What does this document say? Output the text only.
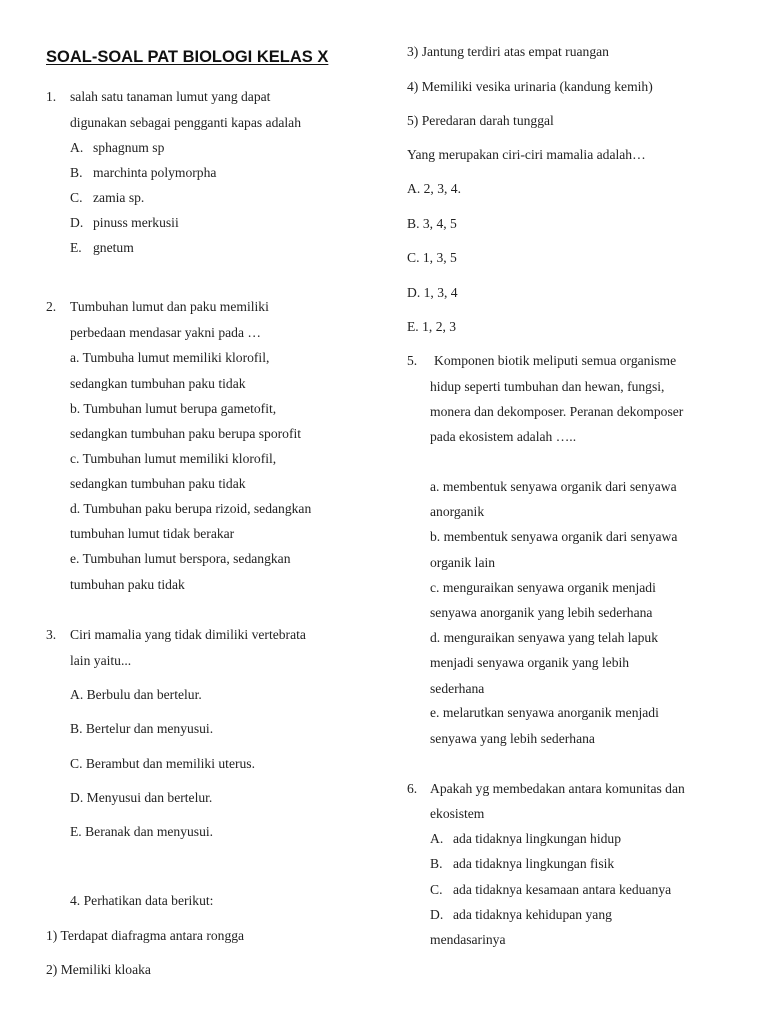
SOAL-SOAL PAT BIOLOGI KELAS X
1. salah satu tanaman lumut yang dapat
digunakan sebagai pengganti kapas adalah
A. sphagnum sp
B. marchinta polymorpha
C. zamia sp.
D. pinuss merkusii
E. gnetum
2. Tumbuhan lumut dan paku memiliki
perbedaan mendasar yakni pada …
a. Tumbuha lumut memiliki klorofil,
sedangkan tumbuhan paku tidak
b. Tumbuhan lumut berupa gametofit,
sedangkan tumbuhan paku berupa sporofit
c. Tumbuhan lumut memiliki klorofil,
sedangkan tumbuhan paku tidak
d. Tumbuhan paku berupa rizoid, sedangkan
tumbuhan lumut tidak berakar
e. Tumbuhan lumut berspora, sedangkan
tumbuhan paku tidak
3. Ciri mamalia yang tidak dimiliki vertebrata
lain yaitu...
A. Berbulu dan bertelur.
B. Bertelur dan menyusui.
C. Berambut dan memiliki uterus.
D. Menyusui dan bertelur.
E. Beranak dan menyusui.
4. Perhatikan data berikut:
1) Terdapat diafragma antara rongga
2) Memiliki kloaka
3) Jantung terdiri atas empat ruangan
4) Memiliki vesika urinaria (kandung kemih)
5) Peredaran darah tunggal
Yang merupakan ciri-ciri mamalia adalah…
A. 2, 3, 4.
B. 3, 4, 5
C. 1, 3, 5
D. 1, 3, 4
E. 1, 2, 3
5. Komponen biotik meliputi semua organisme
hidup seperti tumbuhan dan hewan, fungsi,
monera dan dekomposer. Peranan dekomposer
pada ekosistem adalah …..
a. membentuk senyawa organik dari senyawa
anorganik
b. membentuk senyawa organik dari senyawa
organik lain
c. menguraikan senyawa organik menjadi
senyawa anorganik yang lebih sederhana
d. menguraikan senyawa yang telah lapuk
menjadi senyawa organik yang lebih
sederhana
e. melarutkan senyawa anorganik menjadi
senyawa yang lebih sederhana
6. Apakah yg membedakan antara komunitas dan
ekosistem
A. ada tidaknya lingkungan hidup
B. ada tidaknya lingkungan fisik
C. ada tidaknya kesamaan antara keduanya
D. ada tidaknya kehidupan yang
mendasarinya
